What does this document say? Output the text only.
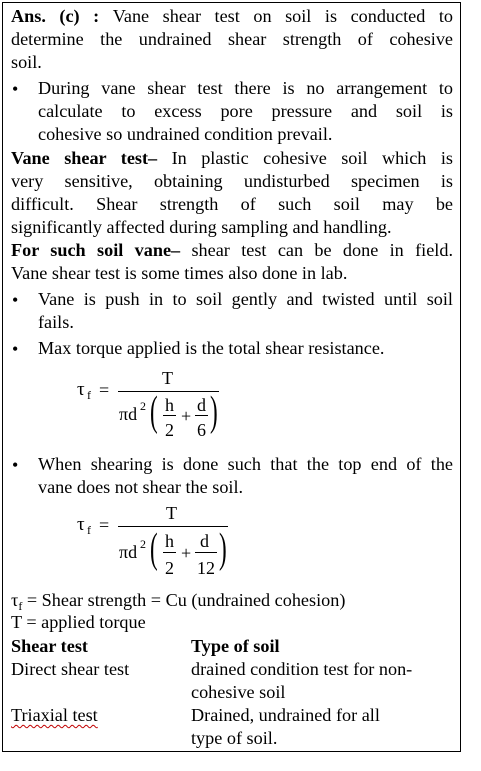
Ans. (c) : Vane shear test on soil is conducted to
determine the undrained shear strength of cohesive
soil.
• During vane shear test there is no arrangement to
calculate to excess pore pressure and soil is
cohesive so undrained condition prevail.
Vane shear test– In plastic cohesive soil which is
very sensitive, obtaining undisturbed specimen is
difficult. Shear strength of such soil may be
significantly affected during sampling and handling.
For such soil vane– shear test can be done in field.
Vane shear test is some times also done in lab.
• Vane is push in to soil gently and twisted until soil
fails.
• Max torque applied is the total shear resistance.
τ f =
T
πd 2 ( h
2
+
d
6 )
• When shearing is done such that the top end of the
vane does not shear the soil.
τ f =
T
πd 2 ( h
2
+
d
12 )
$\tau_f$ = Shear strength = Cu (undrained cohesion)
T = applied torque
Shear test	Type of soil
Direct shear test	drained condition test for non-
cohesive soil
Triaxial test	Drained, undrained for all
type of soil.
